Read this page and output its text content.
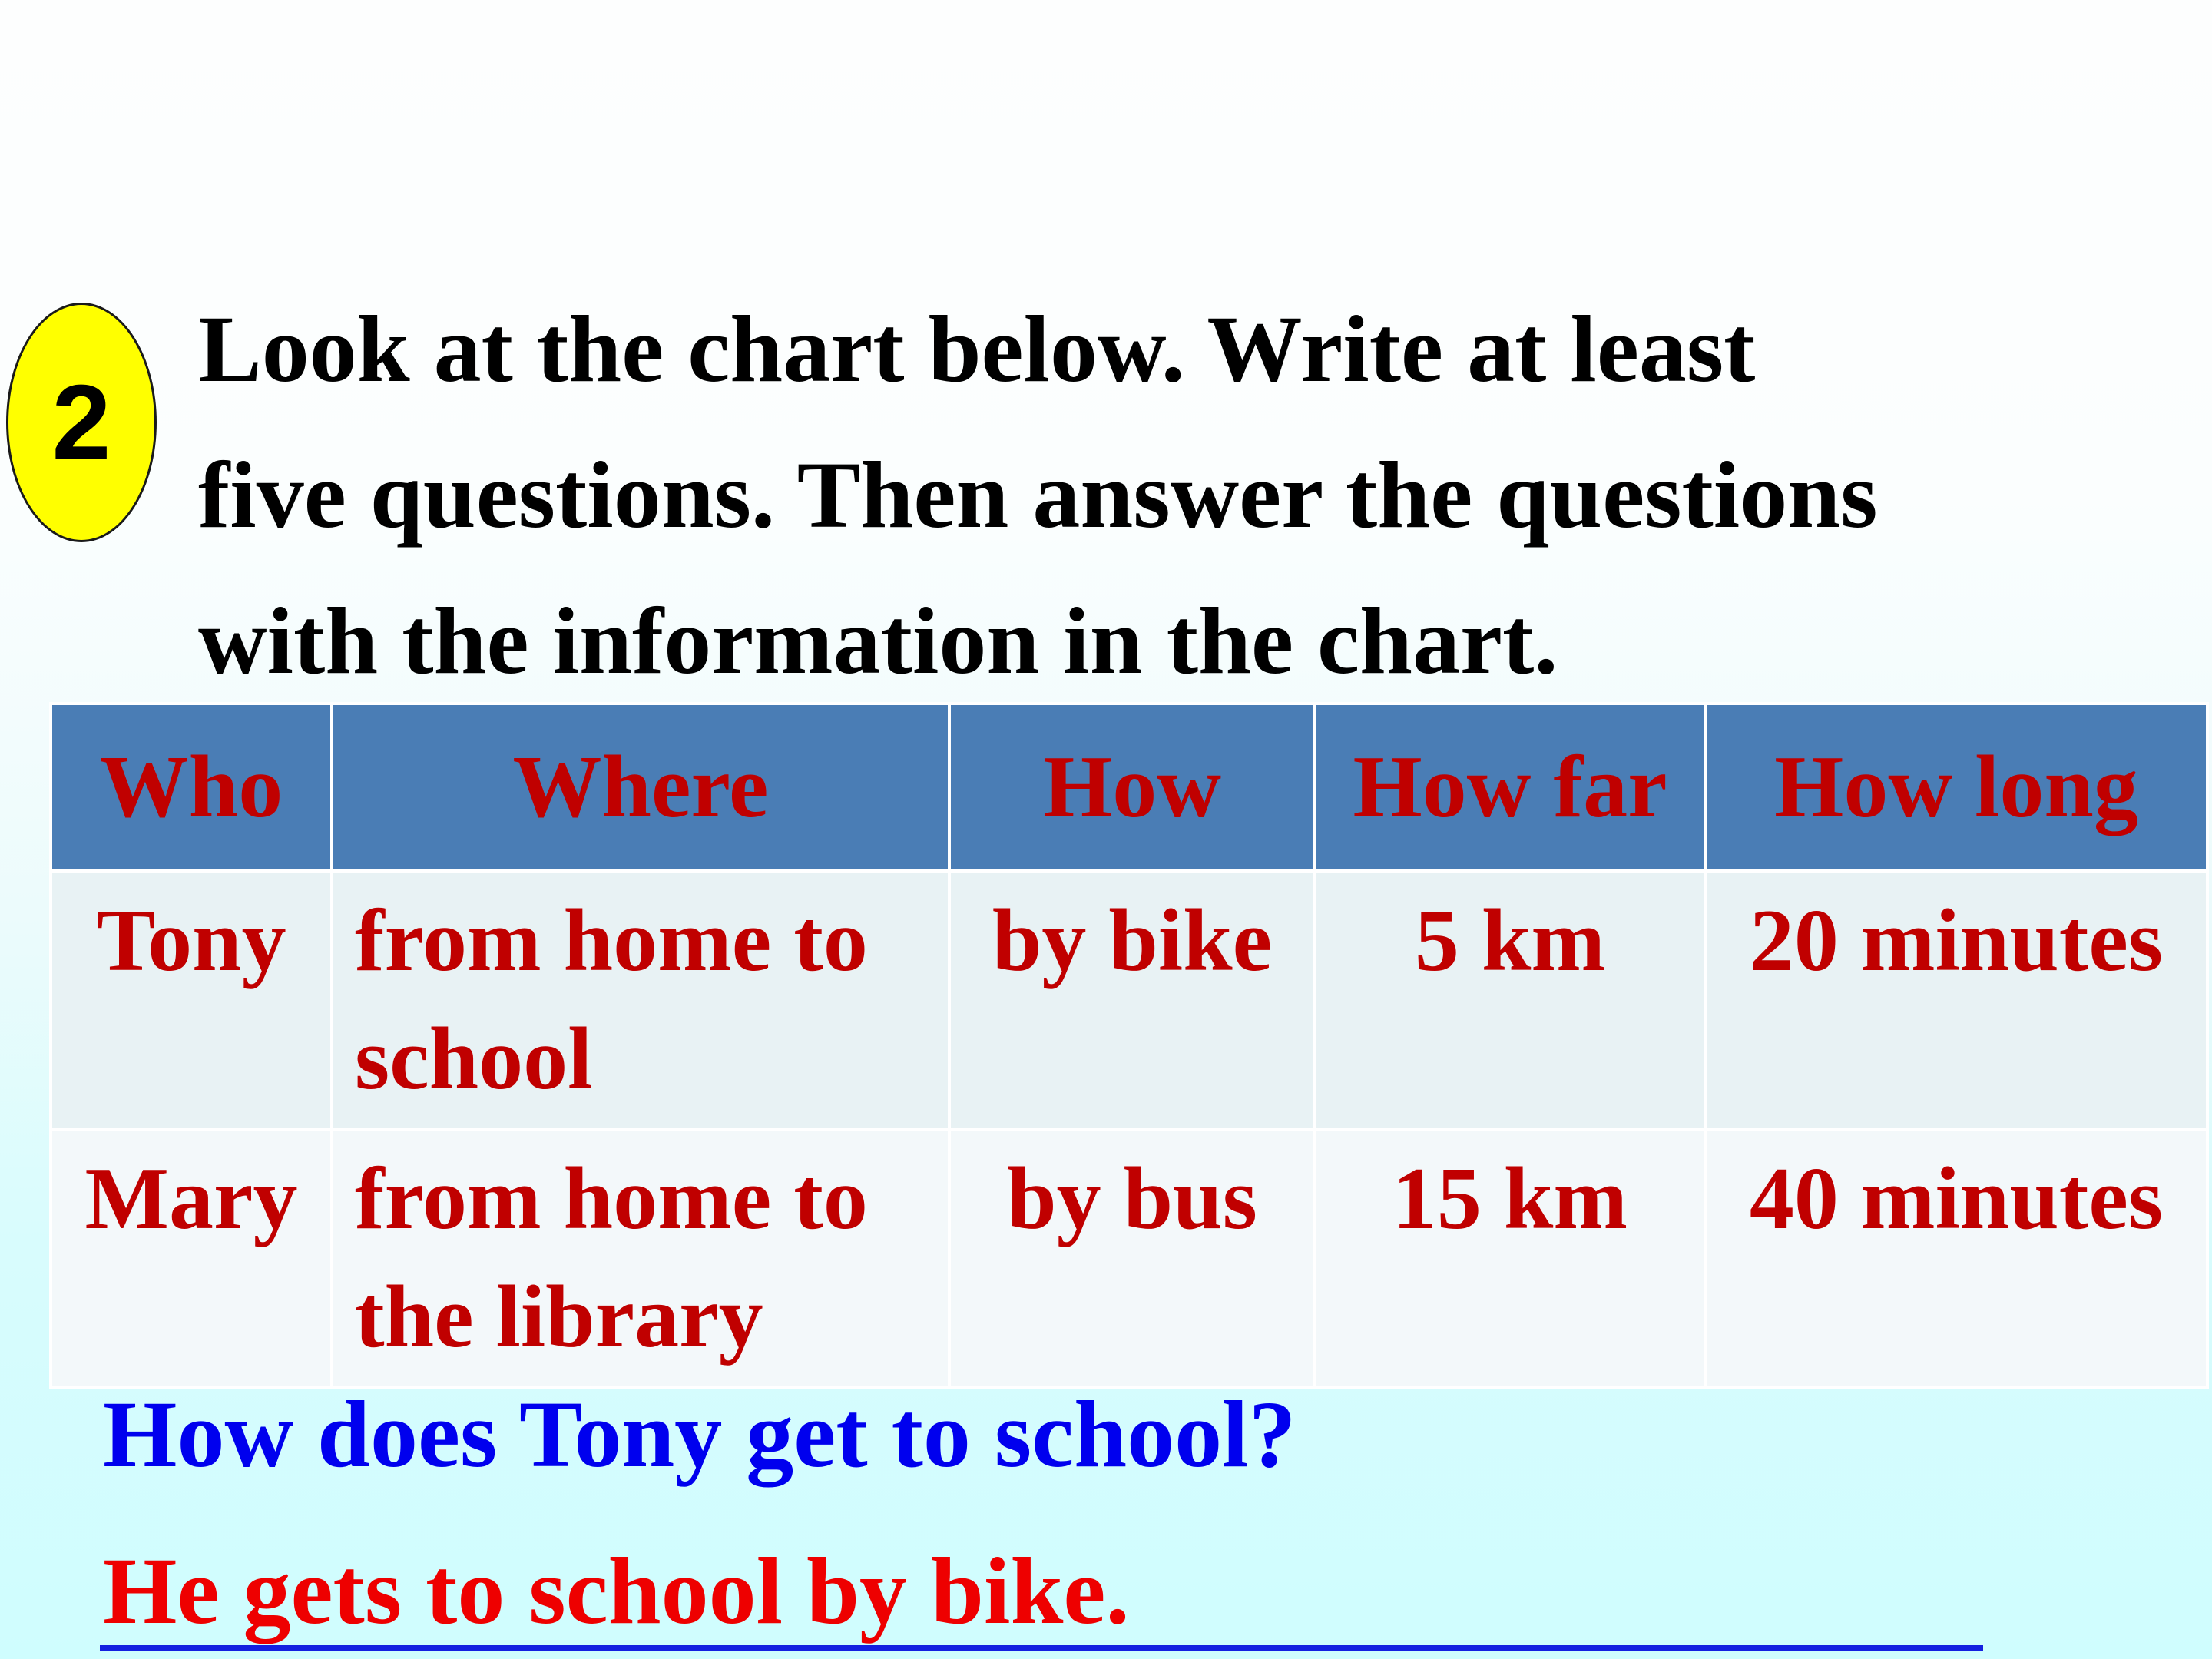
2
Look at the chart below. Write at least
five questions. Then answer the questions
with the information in the chart.
Who	Where	How	How far	How long
Tony	from home to school	by bike	5 km	20 minutes
Mary	from home to the library	by bus	15 km	40 minutes
How does Tony get to school?
He gets to school by bike.
